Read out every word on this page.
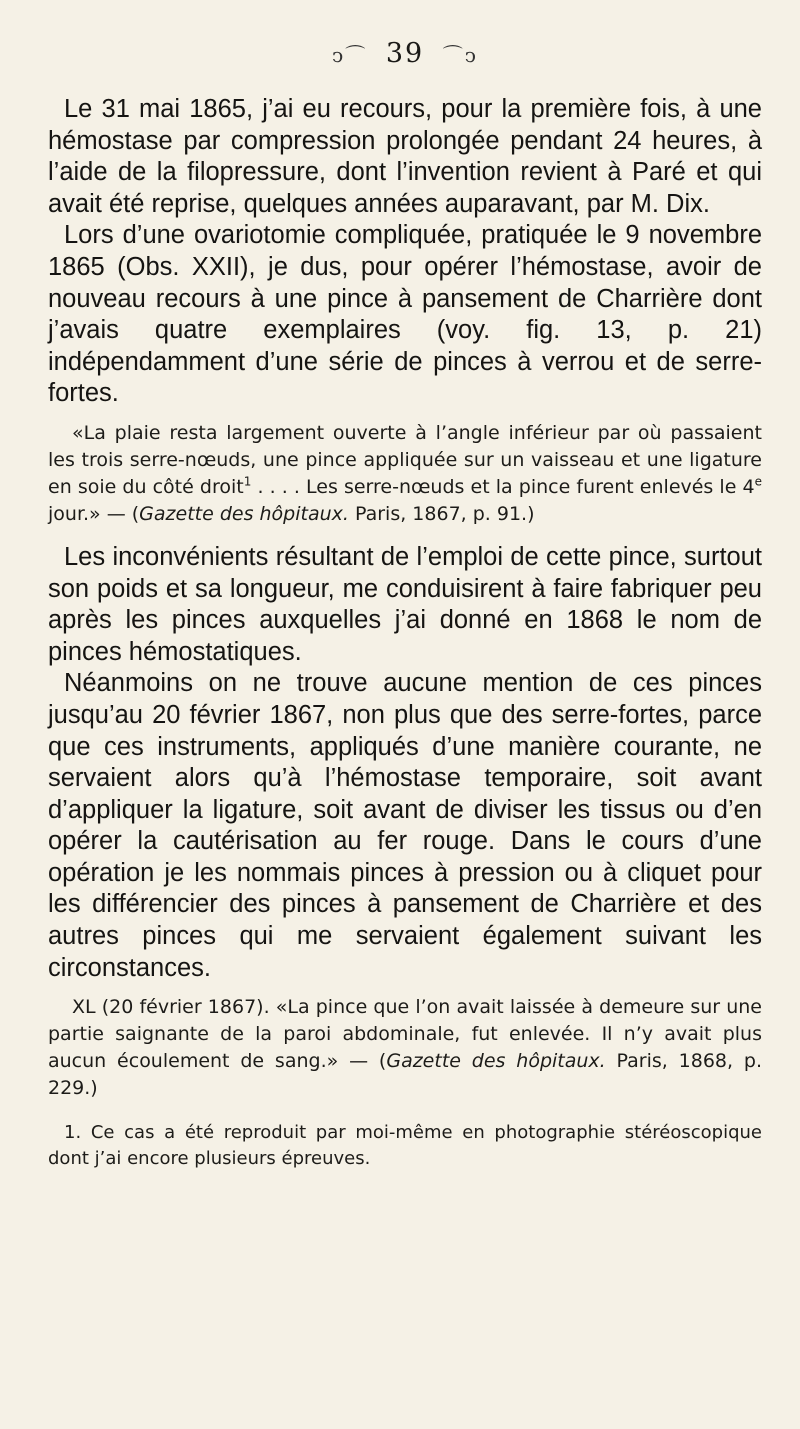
ↄ⌒ 39 ⌒ↄ

Le 31 mai 1865, j’ai eu recours, pour la première fois, à une hémostase par compression prolongée pendant 24 heures, à l’aide de la filopressure, dont l’invention revient à Paré et qui avait été reprise, quelques années auparavant, par M. Dix.

Lors d’une ovariotomie compliquée, pratiquée le 9 novembre 1865 (Obs. XXII), je dus, pour opérer l’hémostase, avoir de nouveau recours à une pince à pansement de Charrière dont j’avais quatre exemplaires (voy. fig. 13, p. 21) indépendamment d’une série de pinces à verrou et de serre-fortes.

«La plaie resta largement ouverte à l’angle inférieur par où passaient les trois serre-nœuds, une pince appliquée sur un vaisseau et une ligature en soie du côté droit$^1$ . . . . Les serre-nœuds et la pince furent enlevés le 4e jour.» — (Gazette des hôpitaux. Paris, 1867, p. 91.)

Les inconvénients résultant de l’emploi de cette pince, surtout son poids et sa longueur, me conduisirent à faire fabriquer peu après les pinces auxquelles j’ai donné en 1868 le nom de pinces hémostatiques.

Néanmoins on ne trouve aucune mention de ces pinces jusqu’au 20 février 1867, non plus que des serre-fortes, parce que ces instruments, appliqués d’une manière courante, ne servaient alors qu’à l’hémostase temporaire, soit avant d’appliquer la ligature, soit avant de diviser les tissus ou d’en opérer la cautérisation au fer rouge. Dans le cours d’une opération je les nommais pinces à pression ou à cliquet pour les différencier des pinces à pansement de Charrière et des autres pinces qui me servaient également suivant les circonstances.

XL (20 février 1867). «La pince que l’on avait laissée à demeure sur une partie saignante de la paroi abdominale, fut enlevée. Il n’y avait plus aucun écoulement de sang.» — (Gazette des hôpitaux. Paris, 1868, p. 229.)

1. Ce cas a été reproduit par moi-même en photographie stéréoscopique dont j’ai encore plusieurs épreuves.
